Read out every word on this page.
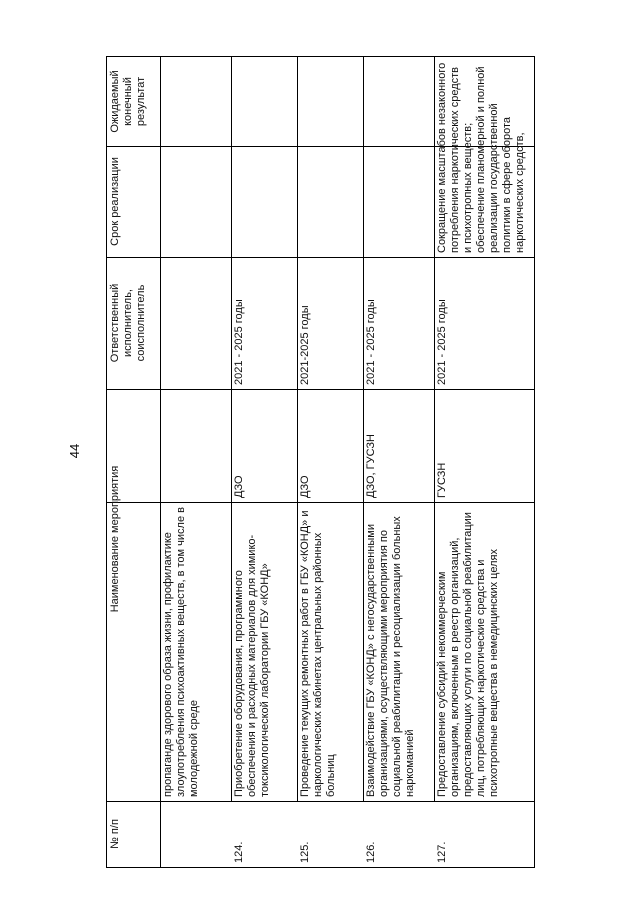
44
Ожидаемый конечный результат
Срок реализации
Ответственный исполнитель, соисполнитель
Наименование мероприятия
№ п/п
пропаганде здорового образа жизни, профилактике злоупотребления психоактивных веществ, в том числе в молодежной среде
124.
Приобретение оборудования, программного обеспечения и расходных материалов для химико-токсикологической лаборатории ГБУ «КОНД»
ДЗО
2021 - 2025 годы
125.
Проведение текущих ремонтных работ в ГБУ «КОНД» и наркологических кабинетах центральных районных больниц
ДЗО
2021-2025 годы
126.
Взаимодействие ГБУ «КОНД» с негосударственными организациями, осуществляющими мероприятия по социальной реабилитации и ресоциализации больных наркоманией
ДЗО, ГУСЗН
2021 - 2025 годы
127.
Предоставление субсидий некоммерческим организациям, включенным в реестр организаций, предоставляющих услуги по социальной реабилитации лиц, потребляющих наркотические средства и психотропные вещества в немедицинских целях
ГУСЗН
2021 - 2025 годы
Сокращение масштабов незаконного потребления наркотических средств и психотропных веществ; обеспечение планомерной и полной реализации государственной политики в сфере оборота наркотических средств,
